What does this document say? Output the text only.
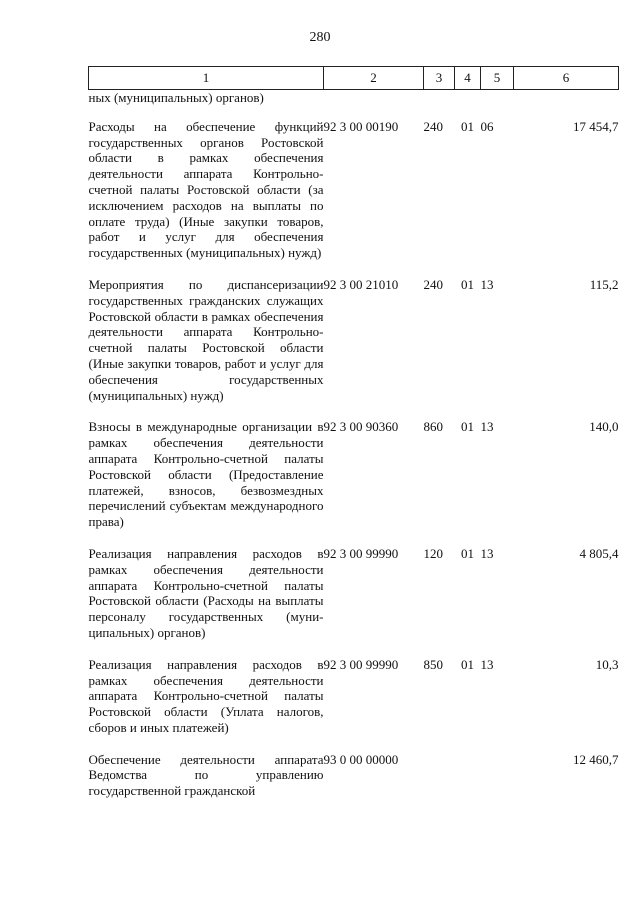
280
1	2	3	4	5	6
ных (муниципальных) органов)					
Расходы на обеспечение функций государственных органов Ростовской области в рамках обеспечения деятельности аппарата Контрольно-счетной палаты Ростовской области (за исключением расходов на выплаты по оплате труда) (Иные закупки товаров, работ и услуг для обеспечения государственных (муниципальных) нужд)	92 3 00 00190	240	01	06	17 454,7
Мероприятия по диспансеризации государственных гражданских служащих Ростовской области в рамках обеспечения деятельности аппарата Контрольно-счетной палаты Ростовской области (Иные закупки товаров, работ и услуг для обеспечения государственных (муниципальных) нужд)	92 3 00 21010	240	01	13	115,2
Взносы в международные организации в рамках обеспечения деятельности аппарата Контрольно-счетной палаты Ростовской области (Предоставление платежей, взносов, безвозмездных перечислений субъектам международного права)	92 3 00 90360	860	01	13	140,0
Реализация направления расходов в рамках обеспечения деятельности аппарата Контрольно-счетной палаты Ростовской области (Расходы на выплаты персоналу государственных (муниципальных) органов)	92 3 00 99990	120	01	13	4 805,4
Реализация направления расходов в рамках обеспечения деятельности аппарата Контрольно-счетной палаты Ростовской области (Уплата налогов, сборов и иных платежей)	92 3 00 99990	850	01	13	10,3
Обеспечение деятельности аппарата Ведомства по управлению государственной гражданской	93 0 00 00000				12 460,7
